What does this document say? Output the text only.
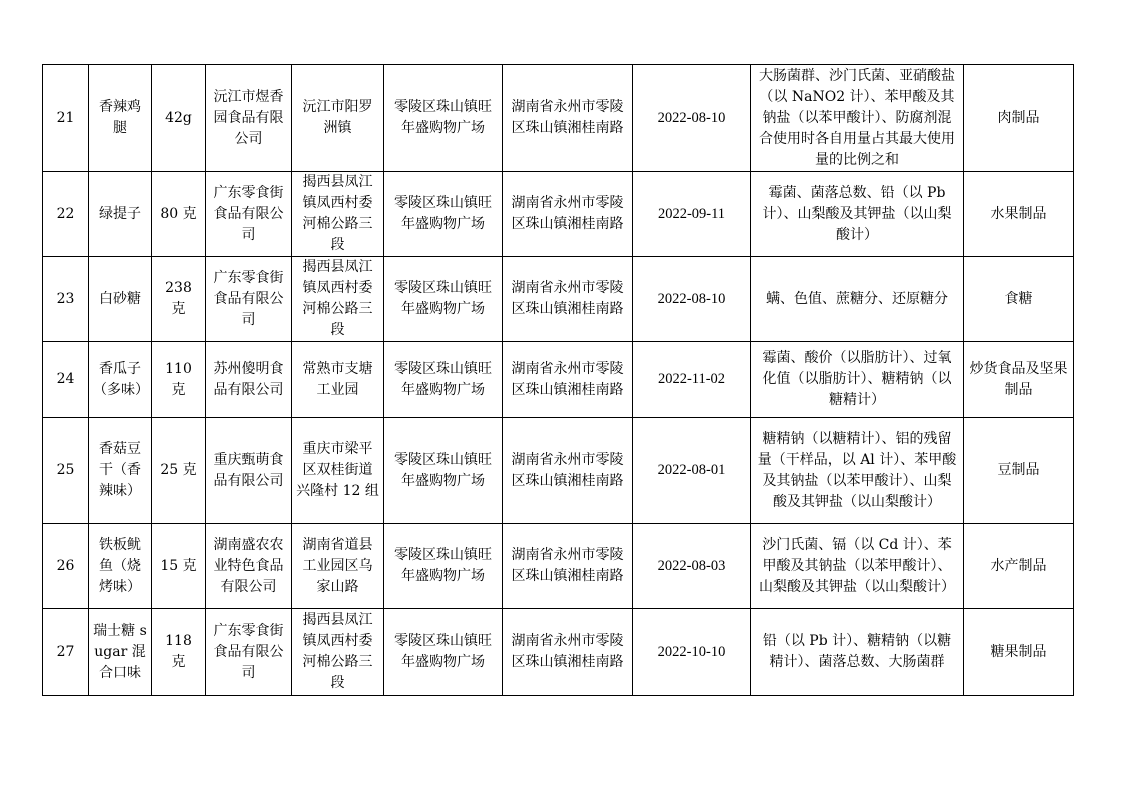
21	香辣鸡腿	42g	沅江市煜香园食品有限公司	沅江市阳罗洲镇	零陵区珠山镇旺年盛购物广场	湖南省永州市零陵区珠山镇湘桂南路	2022-08-10	大肠菌群、沙门氏菌、亚硝酸盐（以 NaNO2 计）、苯甲酸及其钠盐（以苯甲酸计）、防腐剂混合使用时各自用量占其最大使用量的比例之和	肉制品
22	绿提子	80 克	广东零食街食品有限公司	揭西县凤江镇凤西村委河棉公路三段	零陵区珠山镇旺年盛购物广场	湖南省永州市零陵区珠山镇湘桂南路	2022-09-11	霉菌、菌落总数、铅（以 Pb 计）、山梨酸及其钾盐（以山梨酸计）	水果制品
23	白砂糖	238 克	广东零食街食品有限公司	揭西县凤江镇凤西村委河棉公路三段	零陵区珠山镇旺年盛购物广场	湖南省永州市零陵区珠山镇湘桂南路	2022-08-10	螨、色值、蔗糖分、还原糖分	食糖
24	香瓜子（多味）	110 克	苏州傻明食品有限公司	常熟市支塘工业园	零陵区珠山镇旺年盛购物广场	湖南省永州市零陵区珠山镇湘桂南路	2022-11-02	霉菌、酸价（以脂肪计）、过氧化值（以脂肪计）、糖精钠（以糖精计）	炒货食品及坚果制品
25	香菇豆干（香辣味）	25 克	重庆甄萌食品有限公司	重庆市梁平区双桂街道兴隆村 12 组	零陵区珠山镇旺年盛购物广场	湖南省永州市零陵区珠山镇湘桂南路	2022-08-01	糖精钠（以糖精计）、铝的残留量（干样品，以 Al 计）、苯甲酸及其钠盐（以苯甲酸计）、山梨酸及其钾盐（以山梨酸计）	豆制品
26	铁板鱿鱼（烧烤味）	15 克	湖南盛农农业特色食品有限公司	湖南省道县工业园区乌家山路	零陵区珠山镇旺年盛购物广场	湖南省永州市零陵区珠山镇湘桂南路	2022-08-03	沙门氏菌、镉（以 Cd 计）、苯甲酸及其钠盐（以苯甲酸计）、山梨酸及其钾盐（以山梨酸计）	水产制品
27	瑞士糖 sugar 混合口味	118 克	广东零食街食品有限公司	揭西县凤江镇凤西村委河棉公路三段	零陵区珠山镇旺年盛购物广场	湖南省永州市零陵区珠山镇湘桂南路	2022-10-10	铅（以 Pb 计）、糖精钠（以糖精计）、菌落总数、大肠菌群	糖果制品
